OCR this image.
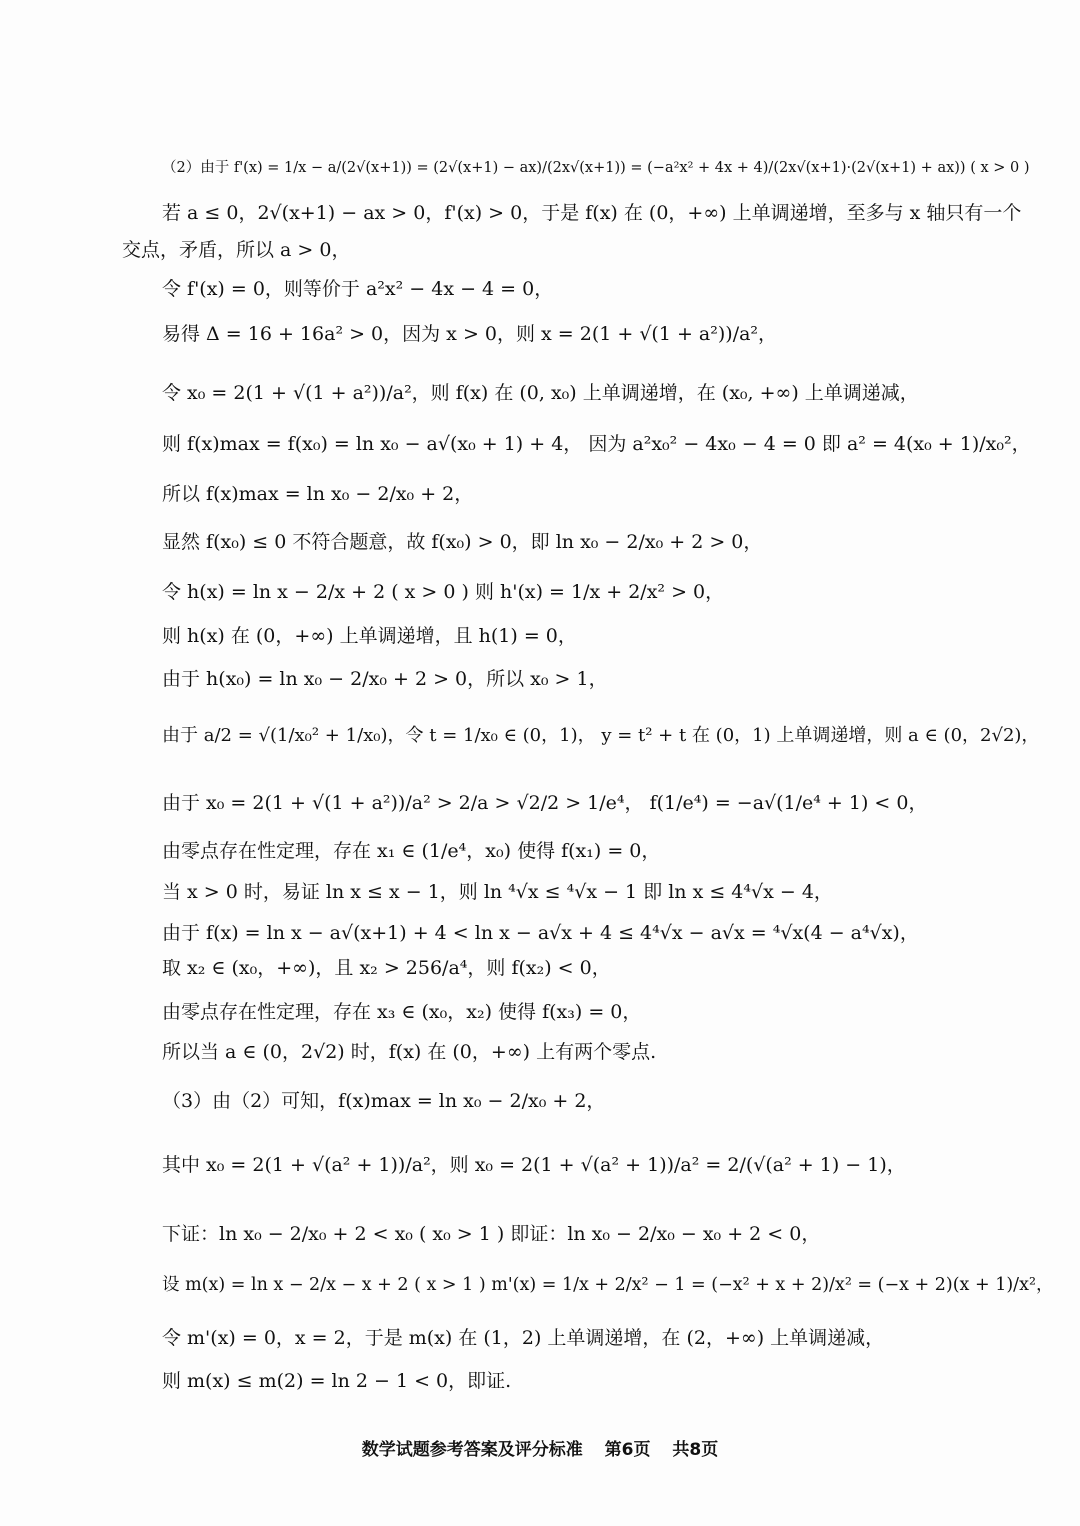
（2）由于 f'(x) = 1/x − a/(2√(x+1)) = (2√(x+1) − ax)/(2x√(x+1)) = (−a²x² + 4x + 4)/(2x√(x+1)·(2√(x+1) + ax)) ( x > 0 )
若 a ≤ 0，2√(x+1) − ax > 0，f'(x) > 0，于是 f(x) 在 (0，+∞) 上单调递增，至多与 x 轴只有一个
交点，矛盾，所以 a > 0，
令 f'(x) = 0，则等价于 a²x² − 4x − 4 = 0，
易得 Δ = 16 + 16a² > 0，因为 x > 0，则 x = 2(1 + √(1 + a²))/a²，
令 x₀ = 2(1 + √(1 + a²))/a²，则 f(x) 在 (0, x₀) 上单调递增，在 (x₀, +∞) 上单调递减，
则 f(x)max = f(x₀) = ln x₀ − a√(x₀ + 1) + 4， 因为 a²x₀² − 4x₀ − 4 = 0 即 a² = 4(x₀ + 1)/x₀²，
所以 f(x)max = ln x₀ − 2/x₀ + 2，
显然 f(x₀) ≤ 0 不符合题意，故 f(x₀) > 0，即 ln x₀ − 2/x₀ + 2 > 0，
令 h(x) = ln x − 2/x + 2 ( x > 0 ) 则 h'(x) = 1/x + 2/x² > 0，
则 h(x) 在 (0，+∞) 上单调递增，且 h(1) = 0，
由于 h(x₀) = ln x₀ − 2/x₀ + 2 > 0，所以 x₀ > 1，
由于 a/2 = √(1/x₀² + 1/x₀)，令 t = 1/x₀ ∈ (0，1)， y = t² + t 在 (0，1) 上单调递增，则 a ∈ (0，2√2)，
由于 x₀ = 2(1 + √(1 + a²))/a² > 2/a > √2/2 > 1/e⁴， f(1/e⁴) = −a√(1/e⁴ + 1) < 0，
由零点存在性定理，存在 x₁ ∈ (1/e⁴，x₀) 使得 f(x₁) = 0，
当 x > 0 时，易证 ln x ≤ x − 1，则 ln ⁴√x ≤ ⁴√x − 1 即 ln x ≤ 4⁴√x − 4，
由于 f(x) = ln x − a√(x+1) + 4 < ln x − a√x + 4 ≤ 4⁴√x − a√x = ⁴√x(4 − a⁴√x)，
取 x₂ ∈ (x₀，+∞)，且 x₂ > 256/a⁴，则 f(x₂) < 0，
由零点存在性定理，存在 x₃ ∈ (x₀，x₂) 使得 f(x₃) = 0，
所以当 a ∈ (0，2√2) 时，f(x) 在 (0，+∞) 上有两个零点.
（3）由（2）可知，f(x)max = ln x₀ − 2/x₀ + 2，
其中 x₀ = 2(1 + √(a² + 1))/a²，则 x₀ = 2(1 + √(a² + 1))/a² = 2/(√(a² + 1) − 1)，
下证：ln x₀ − 2/x₀ + 2 < x₀ ( x₀ > 1 ) 即证：ln x₀ − 2/x₀ − x₀ + 2 < 0，
设 m(x) = ln x − 2/x − x + 2 ( x > 1 ) m'(x) = 1/x + 2/x² − 1 = (−x² + x + 2)/x² = (−x + 2)(x + 1)/x²，
令 m'(x) = 0，x = 2，于是 m(x) 在 (1，2) 上单调递增，在 (2，+∞) 上单调递减，
则 m(x) ≤ m(2) = ln 2 − 1 < 0，即证.
数学试题参考答案及评分标准 第6页 共8页
